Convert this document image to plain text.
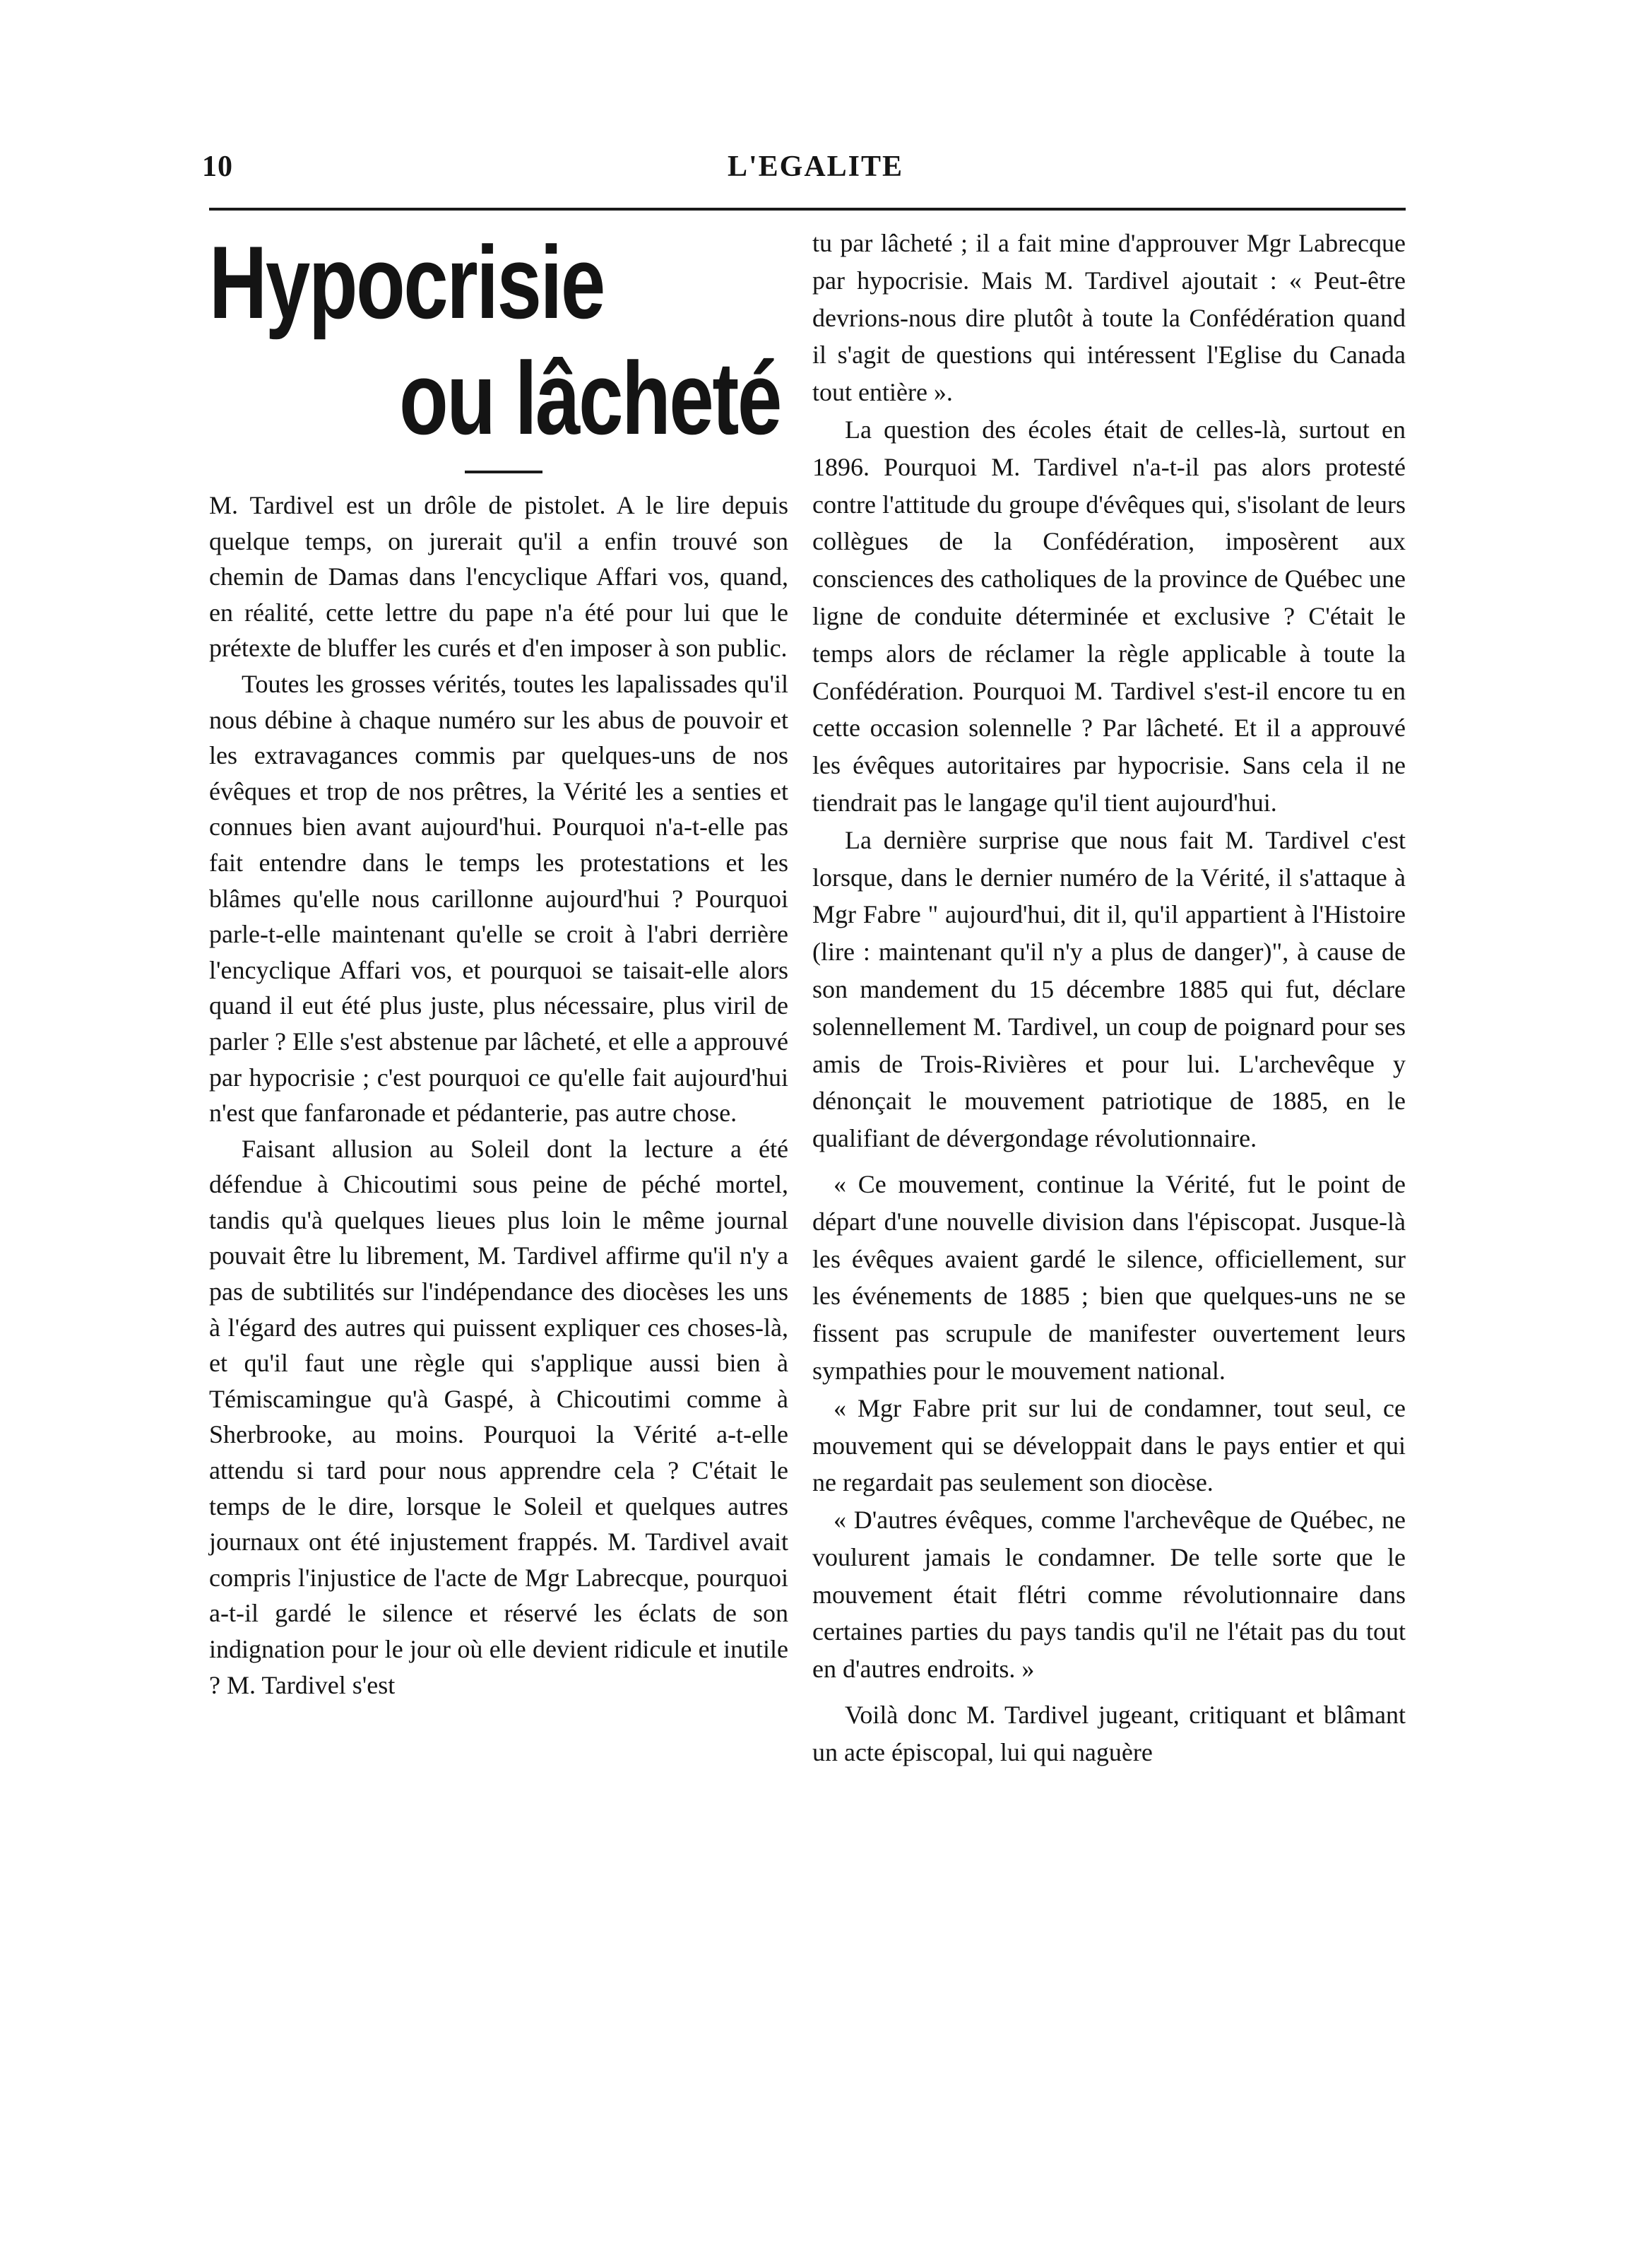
10	L'EGALITE
Hypocrisie
ou lâcheté

M. Tardivel est un drôle de pistolet. A le lire depuis quelque temps, on jurerait qu'il a enfin trouvé son chemin de Damas dans l'encyclique Affari vos, quand, en réalité, cette lettre du pape n'a été pour lui que le prétexte de bluffer les curés et d'en imposer à son public.

Toutes les grosses vérités, toutes les lapalissades qu'il nous débine à chaque numéro sur les abus de pouvoir et les extravagances commis par quelques-uns de nos évêques et trop de nos prêtres, la Vérité les a senties et connues bien avant aujourd'hui. Pourquoi n'a-t-elle pas fait entendre dans le temps les protestations et les blâmes qu'elle nous carillonne aujourd'hui ? Pourquoi parle-t-elle maintenant qu'elle se croit à l'abri derrière l'encyclique Affari vos, et pourquoi se taisait-elle alors quand il eut été plus juste, plus nécessaire, plus viril de parler ? Elle s'est abstenue par lâcheté, et elle a approuvé par hypocrisie ; c'est pourquoi ce qu'elle fait aujourd'hui n'est que fanfaronade et pédanterie, pas autre chose.

Faisant allusion au Soleil dont la lecture a été défendue à Chicoutimi sous peine de péché mortel, tandis qu'à quelques lieues plus loin le même journal pouvait être lu librement, M. Tardivel affirme qu'il n'y a pas de subtilités sur l'indépendance des diocèses les uns à l'égard des autres qui puissent expliquer ces choses-là, et qu'il faut une règle qui s'applique aussi bien à Témiscamingue qu'à Gaspé, à Chicoutimi comme à Sherbrooke, au moins. Pourquoi la Vérité a-t-elle attendu si tard pour nous apprendre cela ? C'était le temps de le dire, lorsque le Soleil et quelques autres journaux ont été injustement frappés. M. Tardivel avait compris l'injustice de l'acte de Mgr Labrecque, pourquoi a-t-il gardé le silence et réservé les éclats de son indignation pour le jour où elle devient ridicule et inutile ? M. Tardivel s'est

tu par lâcheté ; il a fait mine d'approuver Mgr Labrecque par hypocrisie. Mais M. Tardivel ajoutait : « Peut-être devrions-nous dire plutôt à toute la Confédération quand il s'agit de questions qui intéressent l'Eglise du Canada tout entière ».

La question des écoles était de celles-là, surtout en 1896. Pourquoi M. Tardivel n'a-t-il pas alors protesté contre l'attitude du groupe d'évêques qui, s'isolant de leurs collègues de la Confédération, imposèrent aux consciences des catholiques de la province de Québec une ligne de conduite déterminée et exclusive ? C'était le temps alors de réclamer la règle applicable à toute la Confédération. Pourquoi M. Tardivel s'est-il encore tu en cette occasion solennelle ? Par lâcheté. Et il a approuvé les évêques autoritaires par hypocrisie. Sans cela il ne tiendrait pas le langage qu'il tient aujourd'hui.

La dernière surprise que nous fait M. Tardivel c'est lorsque, dans le dernier numéro de la Vérité, il s'attaque à Mgr Fabre " aujourd'hui, dit il, qu'il appartient à l'Histoire (lire : maintenant qu'il n'y a plus de danger)", à cause de son mandement du 15 décembre 1885 qui fut, déclare solennellement M. Tardivel, un coup de poignard pour ses amis de Trois-Rivières et pour lui. L'archevêque y dénonçait le mouvement patriotique de 1885, en le qualifiant de dévergondage révolutionnaire.

« Ce mouvement, continue la Vérité, fut le point de départ d'une nouvelle division dans l'épiscopat. Jusque-là les évêques avaient gardé le silence, officiellement, sur les événements de 1885 ; bien que quelques-uns ne se fissent pas scrupule de manifester ouvertement leurs sympathies pour le mouvement national.

« Mgr Fabre prit sur lui de condamner, tout seul, ce mouvement qui se développait dans le pays entier et qui ne regardait pas seulement son diocèse.

« D'autres évêques, comme l'archevêque de Québec, ne voulurent jamais le condamner. De telle sorte que le mouvement était flétri comme révolutionnaire dans certaines parties du pays tandis qu'il ne l'était pas du tout en d'autres endroits. »

Voilà donc M. Tardivel jugeant, critiquant et blâmant un acte épiscopal, lui qui naguère
